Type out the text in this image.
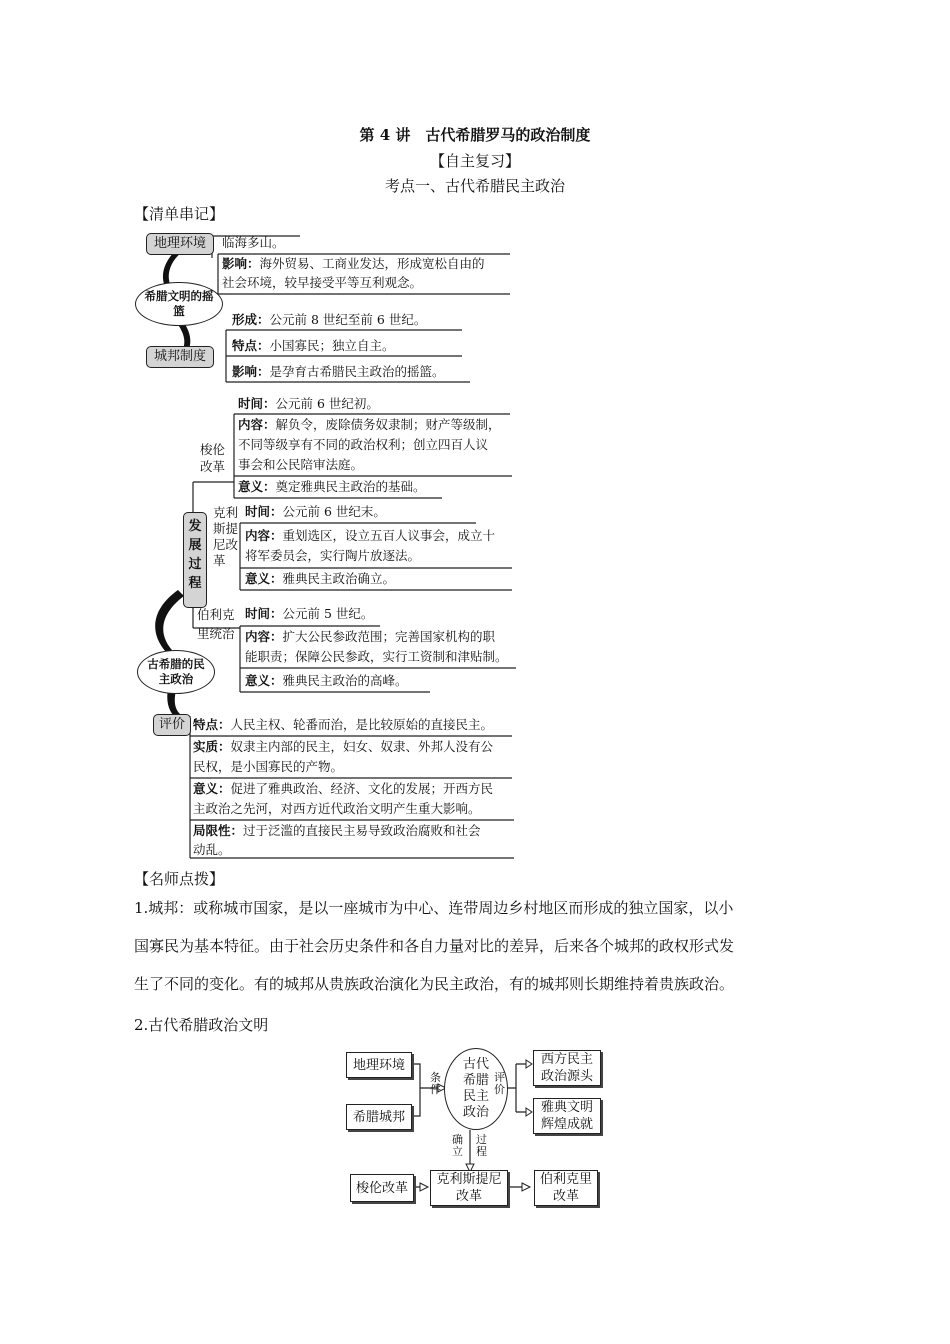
第 4 讲　古代希腊罗马的政治制度
【自主复习】
考点一、古代希腊民主政治
【清单串记】
地理环境
希腊文明的摇篮
城邦制度
发展过程
古希腊的民主政治
评价
临海多山。
影响：海外贸易、工商业发达，形成宽松自由的
社会环境，较早接受平等互利观念。
形成：公元前 8 世纪至前 6 世纪。
特点：小国寡民；独立自主。
影响：是孕育古希腊民主政治的摇篮。
梭伦
改革
时间：公元前 6 世纪初。
内容：解负令，废除债务奴隶制；财产等级制，
不同等级享有不同的政治权利；创立四百人议
事会和公民陪审法庭。
意义：奠定雅典民主政治的基础。
克利
斯提
尼改
革
时间：公元前 6 世纪末。
内容：重划选区，设立五百人议事会，成立十
将军委员会，实行陶片放逐法。
意义：雅典民主政治确立。
伯利克
里统治
时间：公元前 5 世纪。
内容：扩大公民参政范围；完善国家机构的职
能职责；保障公民参政，实行工资制和津贴制。
意义：雅典民主政治的高峰。
特点：人民主权、轮番而治，是比较原始的直接民主。
实质：奴隶主内部的民主，妇女、奴隶、外邦人没有公
民权，是小国寡民的产物。
意义：促进了雅典政治、经济、文化的发展；开西方民
主政治之先河，对西方近代政治文明产生重大影响。
局限性：过于泛滥的直接民主易导致政治腐败和社会
动乱。
【名师点拨】
1.城邦：或称城市国家，是以一座城市为中心、连带周边乡村地区而形成的独立国家，以小
国寡民为基本特征。由于社会历史条件和各自力量对比的差异，后来各个城邦的政权形式发
生了不同的变化。有的城邦从贵族政治演化为民主政治，有的城邦则长期维持着贵族政治。
2.古代希腊政治文明
地理环境
希腊城邦
古代希腊民主政治
条件
评价
西方民主
政治源头
雅典文明
辉煌成就
确立
过程
梭伦改革
克利斯提尼
改革
伯利克里
改革
